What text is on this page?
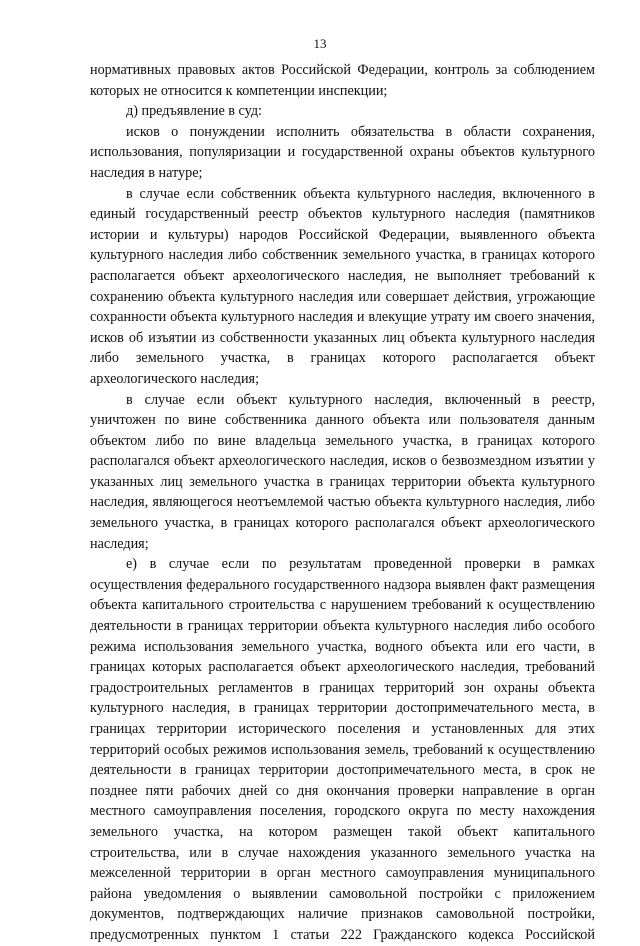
13

нормативных правовых актов Российской Федерации, контроль за соблюдением которых не относится к компетенции инспекции;

д) предъявление в суд:

исков о понуждении исполнить обязательства в области сохранения, использования, популяризации и государственной охраны объектов культурного наследия в натуре;

в случае если собственник объекта культурного наследия, включенного в единый государственный реестр объектов культурного наследия (памятников истории и культуры) народов Российской Федерации, выявленного объекта культурного наследия либо собственник земельного участка, в границах которого располагается объект археологического наследия, не выполняет требований к сохранению объекта культурного наследия или совершает действия, угрожающие сохранности объекта культурного наследия и влекущие утрату им своего значения, исков об изъятии из собственности указанных лиц объекта культурного наследия либо земельного участка, в границах которого располагается объект археологического наследия;

в случае если объект культурного наследия, включенный в реестр, уничтожен по вине собственника данного объекта или пользователя данным объектом либо по вине владельца земельного участка, в границах которого располагался объект археологического наследия, исков о безвозмездном изъятии у указанных лиц земельного участка в границах территории объекта культурного наследия, являющегося неотъемлемой частью объекта культурного наследия, либо земельного участка, в границах которого располагался объект археологического наследия;

е) в случае если по результатам проведенной проверки в рамках осуществления федерального государственного надзора выявлен факт размещения объекта капитального строительства с нарушением требований к осуществлению деятельности в границах территории объекта культурного наследия либо особого режима использования земельного участка, водного объекта или его части, в границах которых располагается объект археологического наследия, требований градостроительных регламентов в границах территорий зон охраны объекта культурного наследия, в границах территории достопримечательного места, в границах территории исторического поселения и установленных для этих территорий особых режимов использования земель, требований к осуществлению деятельности в границах территории достопримечательного места, в срок не позднее пяти рабочих дней со дня окончания проверки направление в орган местного самоуправления поселения, городского округа по месту нахождения земельного участка, на котором размещен такой объект капитального строительства, или в случае нахождения указанного земельного участка на межселенной территории в орган местного самоуправления муниципального района уведомления о выявлении самовольной постройки с приложением документов, подтверждающих наличие признаков самовольной постройки, предусмотренных пунктом 1 статьи 222 Гражданского кодекса Российской
